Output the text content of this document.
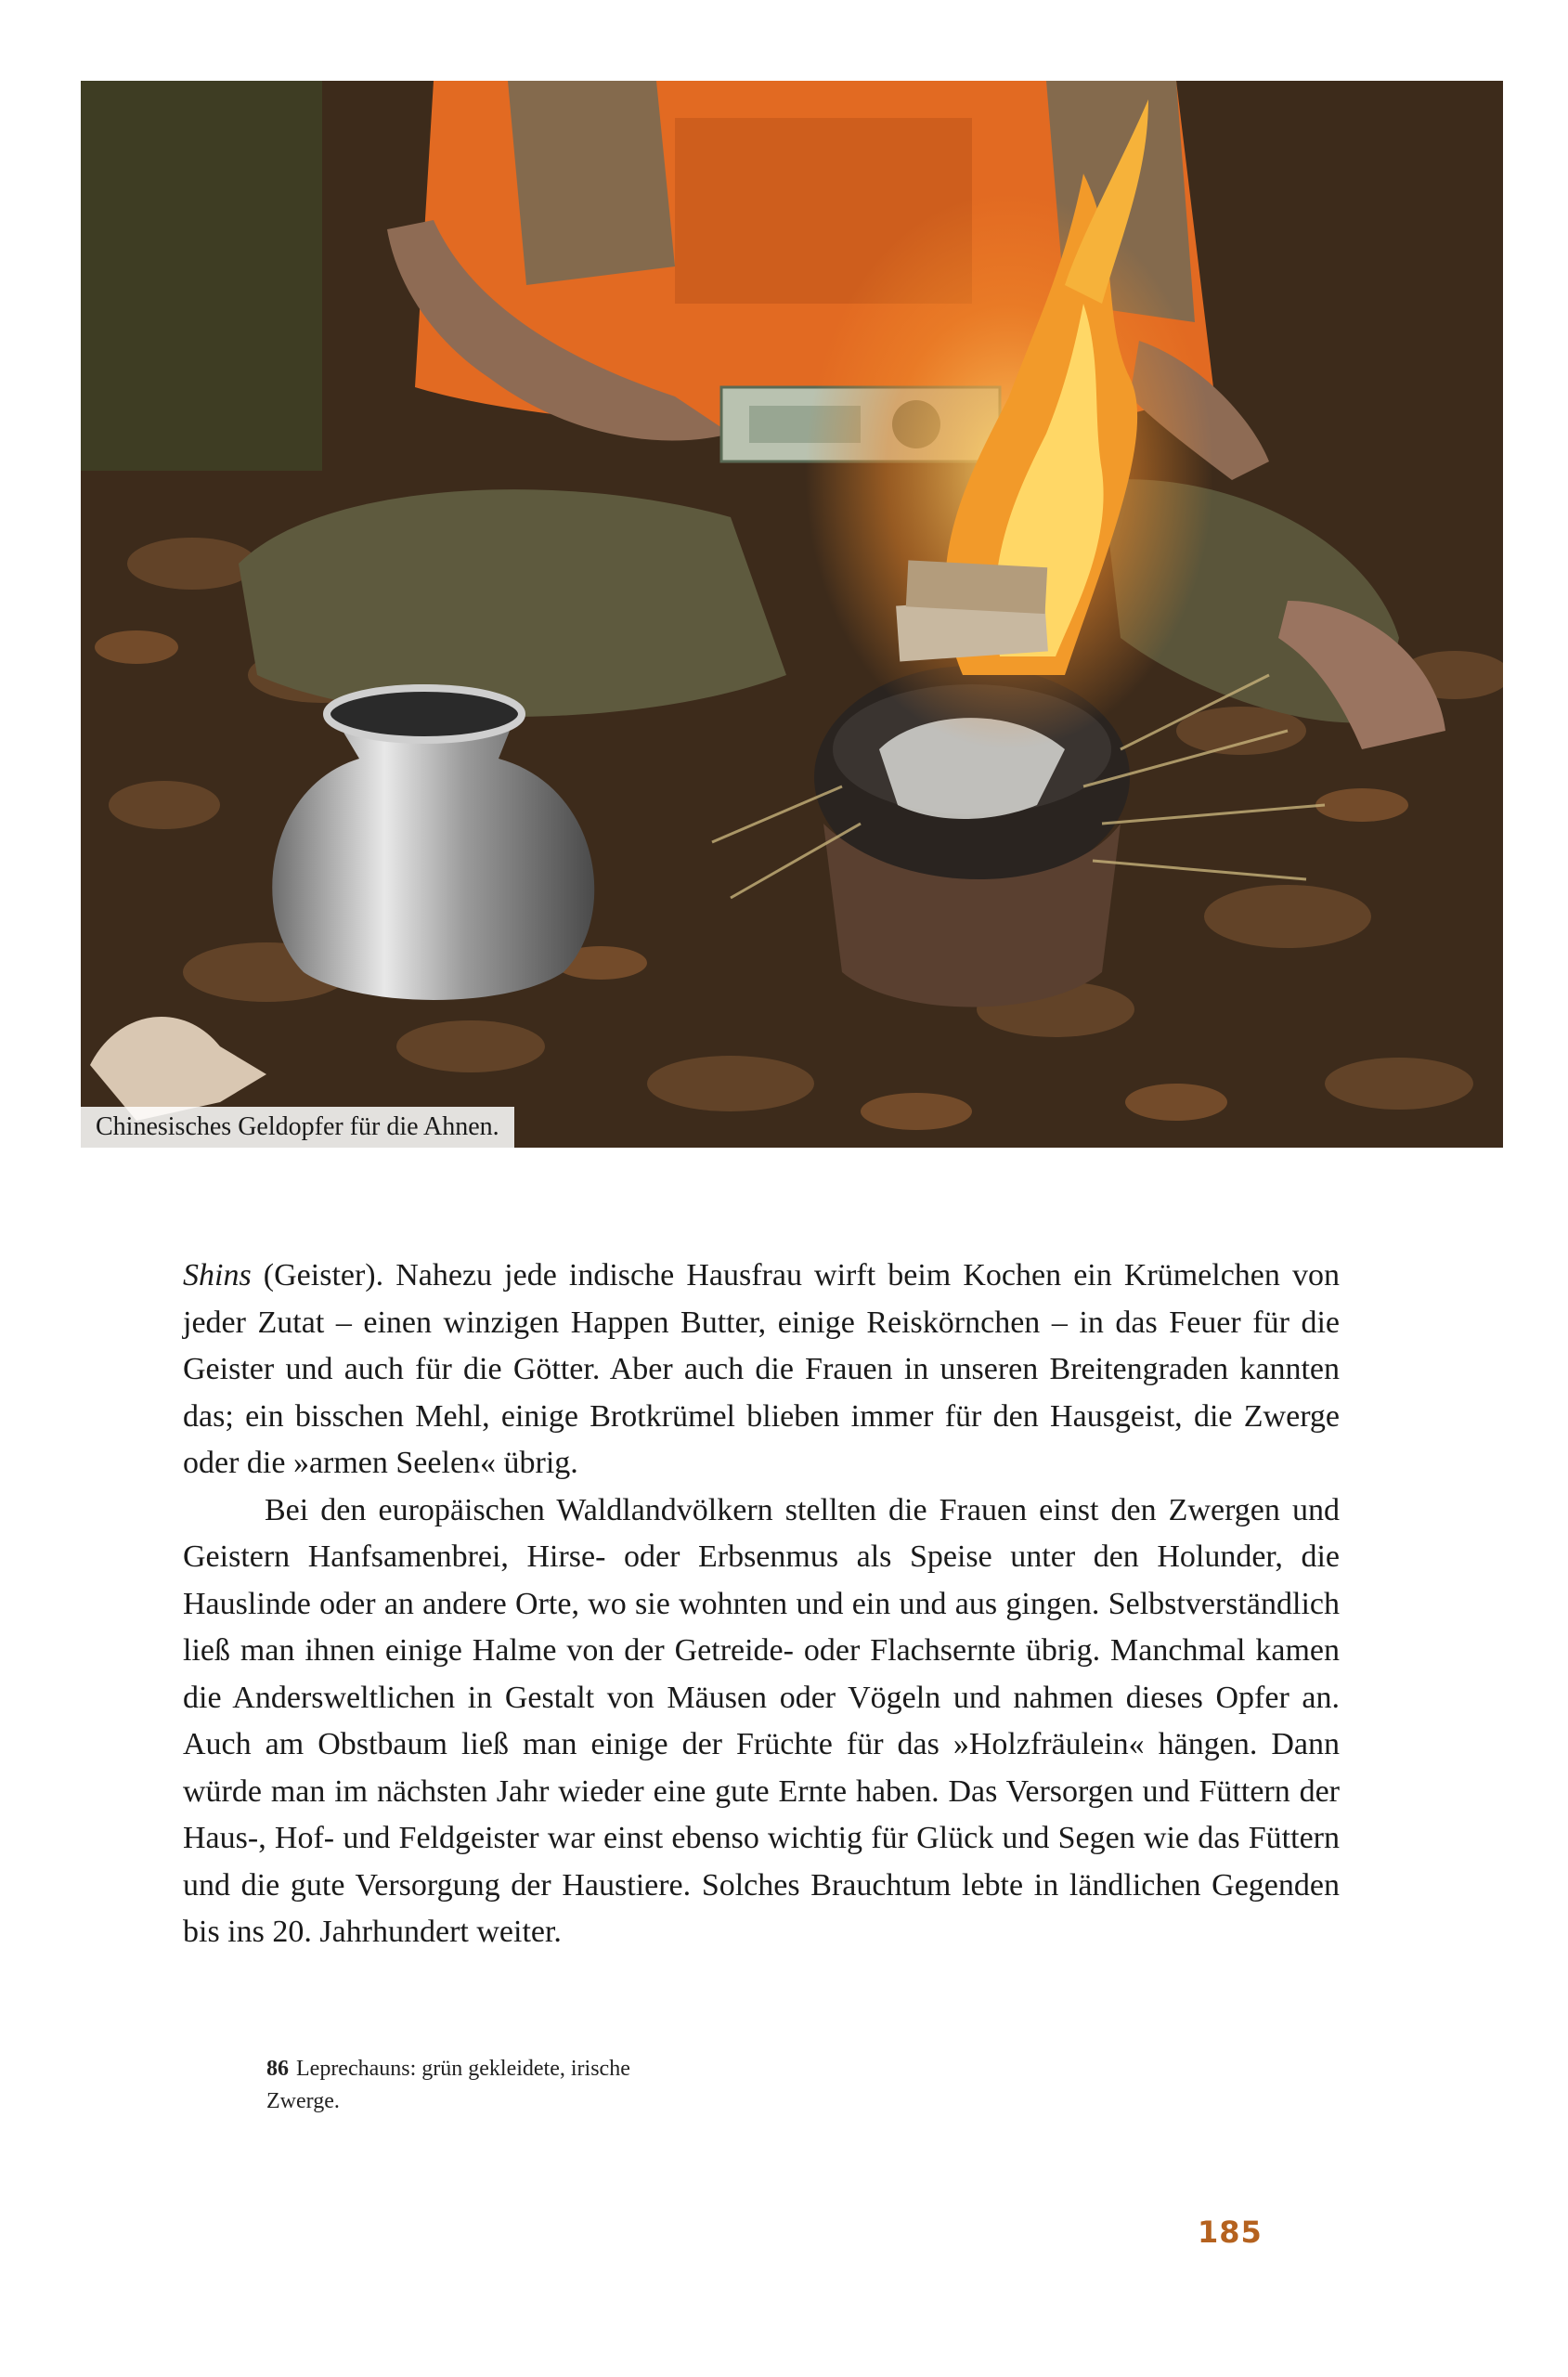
Chinesisches Geldopfer für die Ahnen.

Shins (Geister). Nahezu jede indische Hausfrau wirft beim Kochen ein Krümelchen von jeder Zutat – einen winzigen Happen Butter, einige Reiskörnchen – in das Feuer für die Geister und auch für die Götter. Aber auch die Frauen in unseren Breitengraden kannten das; ein bisschen Mehl, einige Brotkrümel blieben immer für den Hausgeist, die Zwerge oder die »armen Seelen« übrig.

Bei den europäischen Waldlandvölkern stellten die Frauen einst den Zwergen und Geistern Hanfsamenbrei, Hirse- oder Erbsenmus als Speise unter den Holunder, die Hauslinde oder an andere Orte, wo sie wohnten und ein und aus gingen. Selbstverständlich ließ man ihnen einige Halme von der Getreide- oder Flachsernte übrig. Manchmal kamen die Andersweltlichen in Gestalt von Mäusen oder Vögeln und nahmen dieses Opfer an. Auch am Obstbaum ließ man einige der Früchte für das »Holzfräulein« hängen. Dann würde man im nächsten Jahr wieder eine gute Ernte haben. Das Versorgen und Füttern der Haus-, Hof- und Feldgeister war einst ebenso wichtig für Glück und Segen wie das Füttern und die gute Versorgung der Haustiere. Solches Brauchtum lebte in ländlichen Gegenden bis ins 20. Jahrhundert weiter.

86 Leprechauns: grün gekleidete, irische Zwerge.
185
